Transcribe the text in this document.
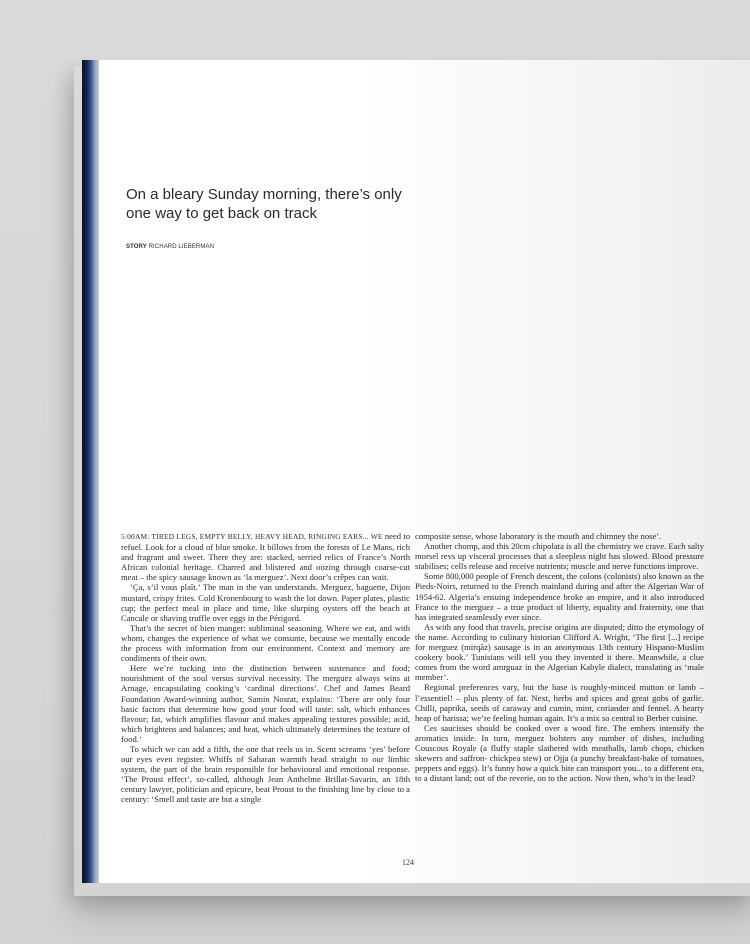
On a bleary Sunday morning, there’s only one way to get back on track
STORY RICHARD LIEBERMAN

5:00AM: TIRED LEGS, EMPTY BELLY, HEAVY HEAD, RINGING EARS... WE need to refuel. Look for a cloud of blue smoke. It billows from the forests of Le Mans, rich and fragrant and sweet. There they are: stacked, serried relics of France’s North African colonial heritage. Charred and blistered and oozing through coarse-cut meat – the spicy sausage known as ‘la merguez’. Next door’s crêpes can wait.

‘Ça, s’il vous plaît.’ The man in the van understands. Merguez, baguette, Dijon mustard, crispy frites. Cold Kronenbourg to wash the lot down. Paper plates, plastic cup; the perfect meal in place and time, like slurping oysters off the beach at Cancale or shaving truffle over eggs in the Périgord.

That’s the secret of bien manger: subliminal seasoning. Where we eat, and with whom, changes the experience of what we consume, because we mentally encode the process with information from our environment. Context and memory are condiments of their own.

Here we’re tucking into the distinction between sustenance and food; nourishment of the soul versus survival necessity. The merguez always wins at Arnage, encapsulating cooking’s ‘cardinal directions’. Chef and James Beard Foundation Award-winning author, Samin Nosrat, explains: ‘There are only four basic factors that determine how good your food will taste: salt, which enhances flavour; fat, which amplifies flavour and makes appealing textures possible; acid, which brightens and balances; and heat, which ultimately determines the texture of food.’

To which we can add a fifth, the one that reels us in. Scent screams ‘yes’ before our eyes even register. Whiffs of Saharan warmth head straight to our limbic system, the part of the brain responsible for behavioural and emotional response. ‘The Proust effect’, so-called, although Jean Anthelme Brillat-Savarin, an 18th century lawyer, politician and epicure, beat Proust to the finishing line by close to a century: ‘Smell and taste are but a single

composite sense, whose laboratory is the mouth and chimney the nose’.

Another chomp, and this 20cm chipolata is all the chemistry we crave. Each salty morsel revs up visceral processes that a sleepless night has slowed. Blood pressure stabilises; cells release and receive nutrients; muscle and nerve functions improve.

Some 800,000 people of French descent, the colons (colonists) also known as the Pieds-Noirs, returned to the French mainland during and after the Algerian War of 1954-62. Algeria’s ensuing independence broke an empire, and it also introduced France to the merguez – a true product of liberty, equality and fraternity, one that has integrated seamlessly ever since.

As with any food that travels, precise origins are disputed; ditto the etymology of the name. According to culinary historian Clifford A. Wright, ‘The first [...] recipe for merguez (mirqāz) sausage is in an anonymous 13th century Hispano-Muslim cookery book.’ Tunisians will tell you they invented it there. Meanwhile, a clue comes from the word amrguaz in the Algerian Kabyle dialect, translating as ‘male member’.

Regional preferences vary, but the base is roughly-minced mutton or lamb – l’essentiel! – plus plenty of fat. Next, herbs and spices and great gobs of garlic. Chilli, paprika, seeds of caraway and cumin, mint, coriander and fennel. A hearty heap of harissa; we’re feeling human again. It’s a mix so central to Berber cuisine.

Ces saucisses should be cooked over a wood fire. The embers intensify the aromatics inside. In turn, merguez bolsters any number of dishes, including Couscous Royale (a fluffy staple slathered with meatballs, lamb chops, chicken skewers and saffron- chickpea stew) or Ojja (a punchy breakfast-bake of tomatoes, peppers and eggs). It’s funny how a quick bite can transport you... to a different era, to a distant land; out of the reverie, on to the action. Now then, who’s in the lead?

124
